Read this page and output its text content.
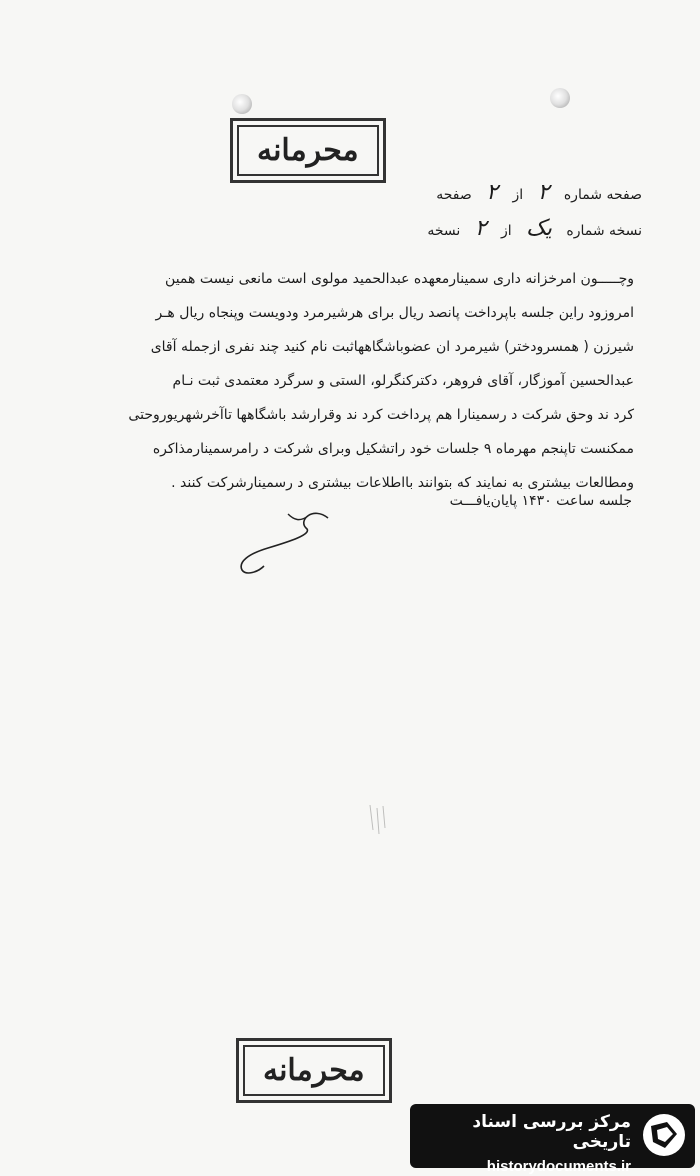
محرمانه
صفحه شماره ۲ از ۲ صفحه
نسخه شماره یک از ۲ نسخه

وچـــــون امرخزانه داری سمینارمعهده عبدالحمید مولوی است مانعی نیست همین

امروزود راین جلسه باپرداخت پانصد ریال برای هرشیرمرد ودویست وپنجاه ریال هـر

شیرزن ( همسرودختر) شیرمرد ان عضوباشگاههاثبت نام کنید چند نفری ازجمله آقای

عبدالحسین آموزگار، آقای فروهر، دکترکنگرلو، الستی و سرگرد معتمدی ثبت نـام

کرد ند وحق شرکت د رسمینارا هم پرداخت کرد ند وقرارشد باشگاهها تاآخرشهریوروحتی

ممکنست تاپنجم مهرماه ۹ جلسات خود راتشکیل وبرای شرکت د رامرسمینارمذاکره

ومطالعات بیشتری به نمایند که بتوانند بااطلاعات بیشتری د رسمینارشرکت کنند .

جلسه ساعت ۱۴۳۰ پایان‌یافـــت
محرمانه
مرکز بررسی اسناد تاریخی
historydocuments.ir
